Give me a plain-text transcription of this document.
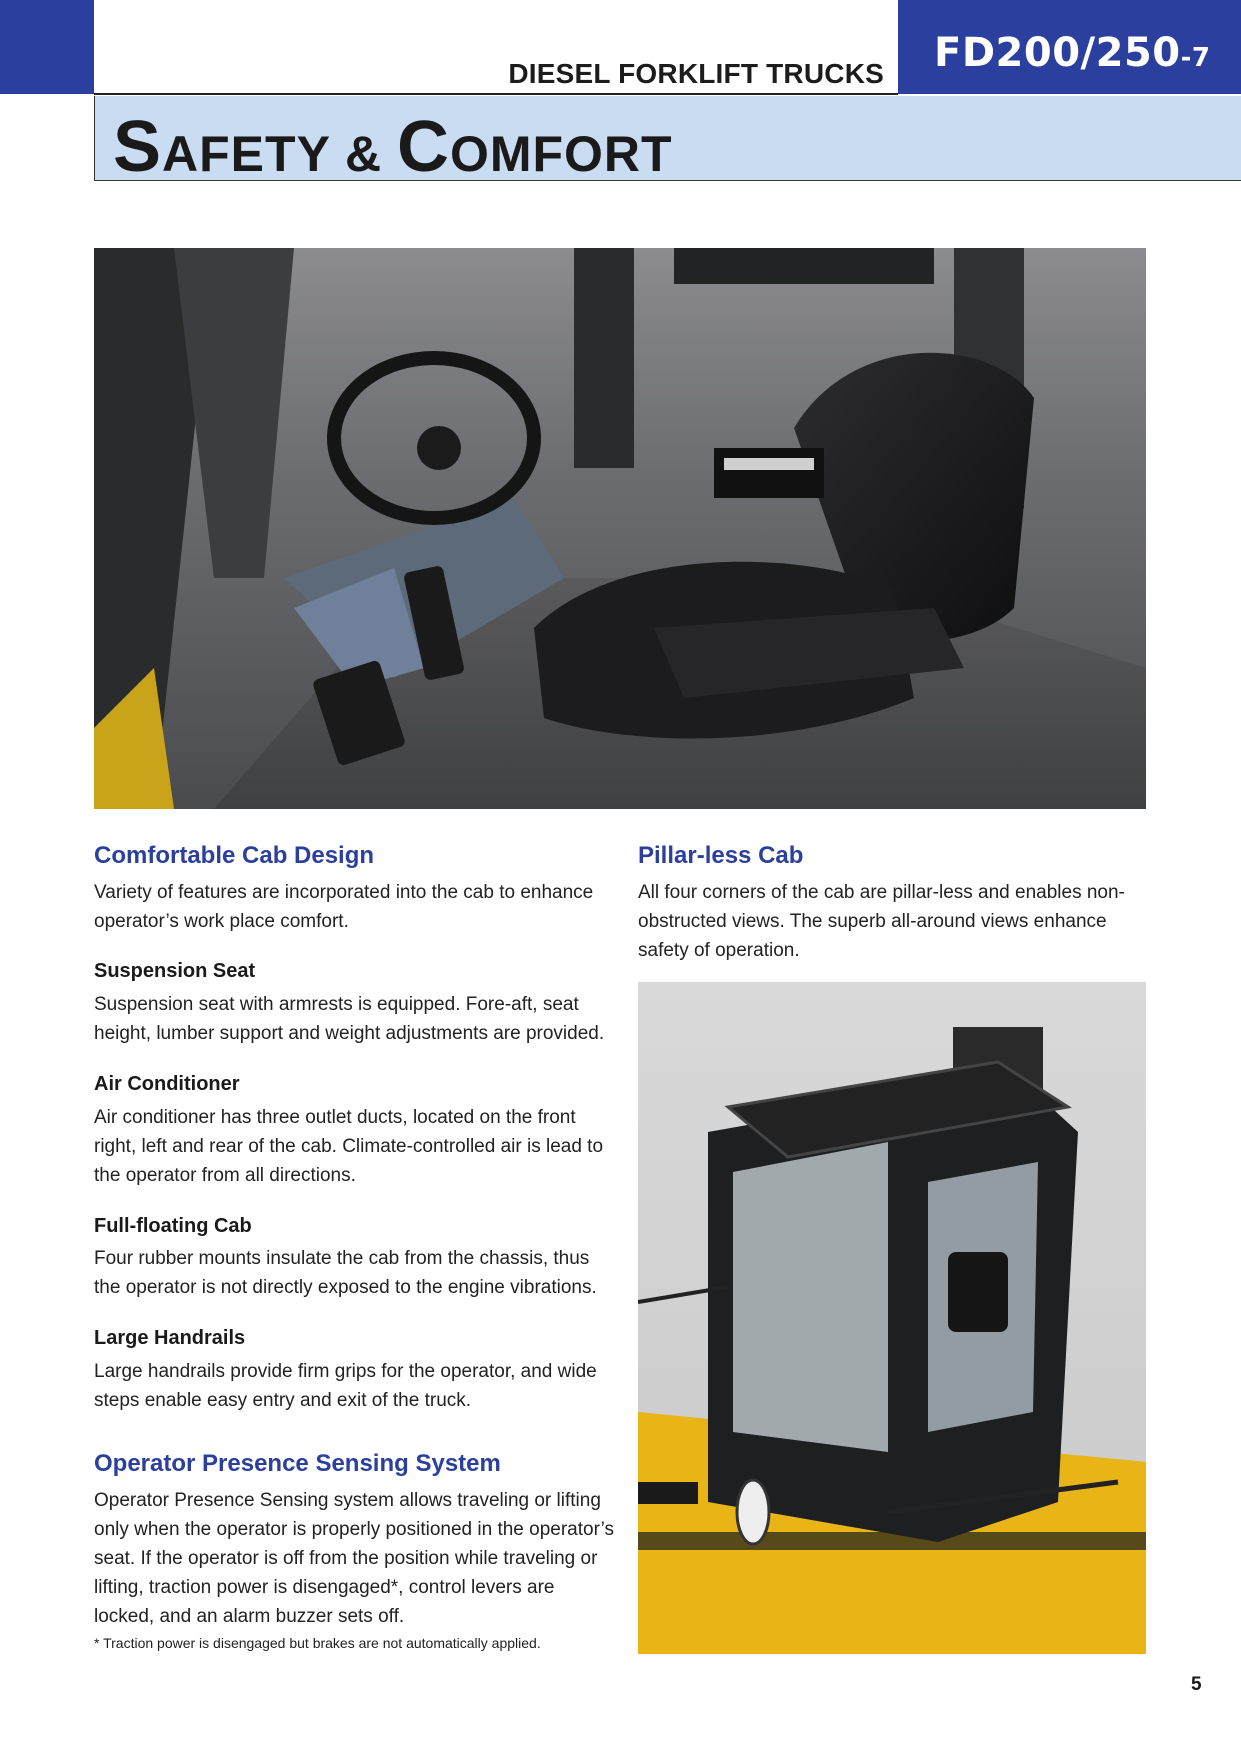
DIESEL FORKLIFT TRUCKS FD200/250-7
SAFETY & COMFORT
Comfortable Cab Design

Variety of features are incorporated into the cab to enhance operator’s work place comfort.

Suspension Seat

Suspension seat with armrests is equipped. Fore-aft, seat height, lumber support and weight adjustments are provided.

Air Conditioner

Air conditioner has three outlet ducts, located on the front right, left and rear of the cab. Climate-controlled air is lead to the operator from all directions.

Full-floating Cab

Four rubber mounts insulate the cab from the chassis, thus the operator is not directly exposed to the engine vibrations.

Large Handrails

Large handrails provide firm grips for the operator, and wide steps enable easy entry and exit of the truck.

Operator Presence Sensing System

Operator Presence Sensing system allows traveling or lifting only when the operator is properly positioned in the operator’s seat. If the operator is off from the position while traveling or lifting, traction power is disengaged*, control levers are locked, and an alarm buzzer sets off.

* Traction power is disengaged but brakes are not automatically applied.
Pillar-less Cab

All four corners of the cab are pillar-less and enables non-obstructed views. The superb all-around views enhance safety of operation.

5
